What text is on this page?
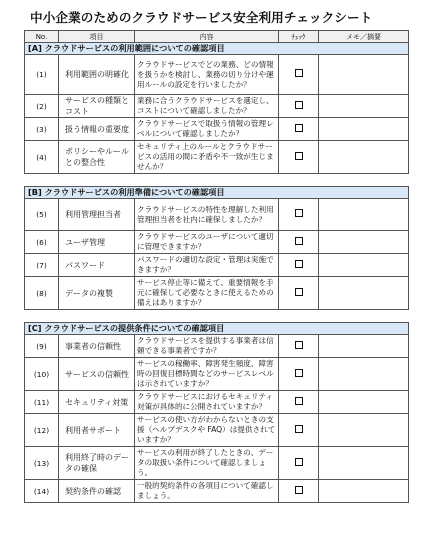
中小企業のためのクラウドサービス安全利用チェックシート
No.	項目	内容	ﾁｪｯｸ	メモ／摘要
[A] クラウドサービスの利用範囲についての確認項目				
(1)	利用範囲の明確化	クラウドサービスでどの業務、どの情報を扱うかを検討し、業務の切り分けや運用ルールの設定を行いましたか？		
(2)	サービスの種類とコスト	業務に合うクラウドサービスを選定し、コストについて確認しましたか？		
(3)	扱う情報の重要度	クラウドサービスで取扱う情報の管理レベルについて確認しましたか？		
(4)	ポリシーやルールとの整合性	セキュリティ上のルールとクラウドサービスの活用の間に矛盾や不一致が生じませんか？		
[B] クラウドサービスの利用準備についての確認項目				
(5)	利用管理担当者	クラウドサービスの特性を理解した利用管理担当者を社内に確保しましたか？		
(6)	ユーザ管理	クラウドサービスのユーザについて適切に管理できますか？		
(7)	パスワード	パスワードの適切な設定・管理は実施できますか？		
(8)	データの複製	サービス停止等に備えて、重要情報を手元に確保して必要なときに使えるための備えはありますか？		
[C] クラウドサービスの提供条件についての確認項目				
(9)	事業者の信頼性	クラウドサービスを提供する事業者は信頼できる事業者ですか？		
(10)	サービスの信頼性	サービスの稼働率、障害発生頻度、障害時の回復目標時間などのサービスレベルは示されていますか？		
(11)	セキュリティ対策	クラウドサービスにおけるセキュリティ対策が具体的に公開されていますか？		
(12)	利用者サポート	サービスの使い方がわからないときの支援（ヘルプデスクや FAQ）は提供されていますか？		
(13)	利用終了時のデータの確保	サービスの利用が終了したときの、データの取扱い条件について確認しましょう。		
(14)	契約条件の確認	一般的契約条件の各項目について確認しましょう。		
